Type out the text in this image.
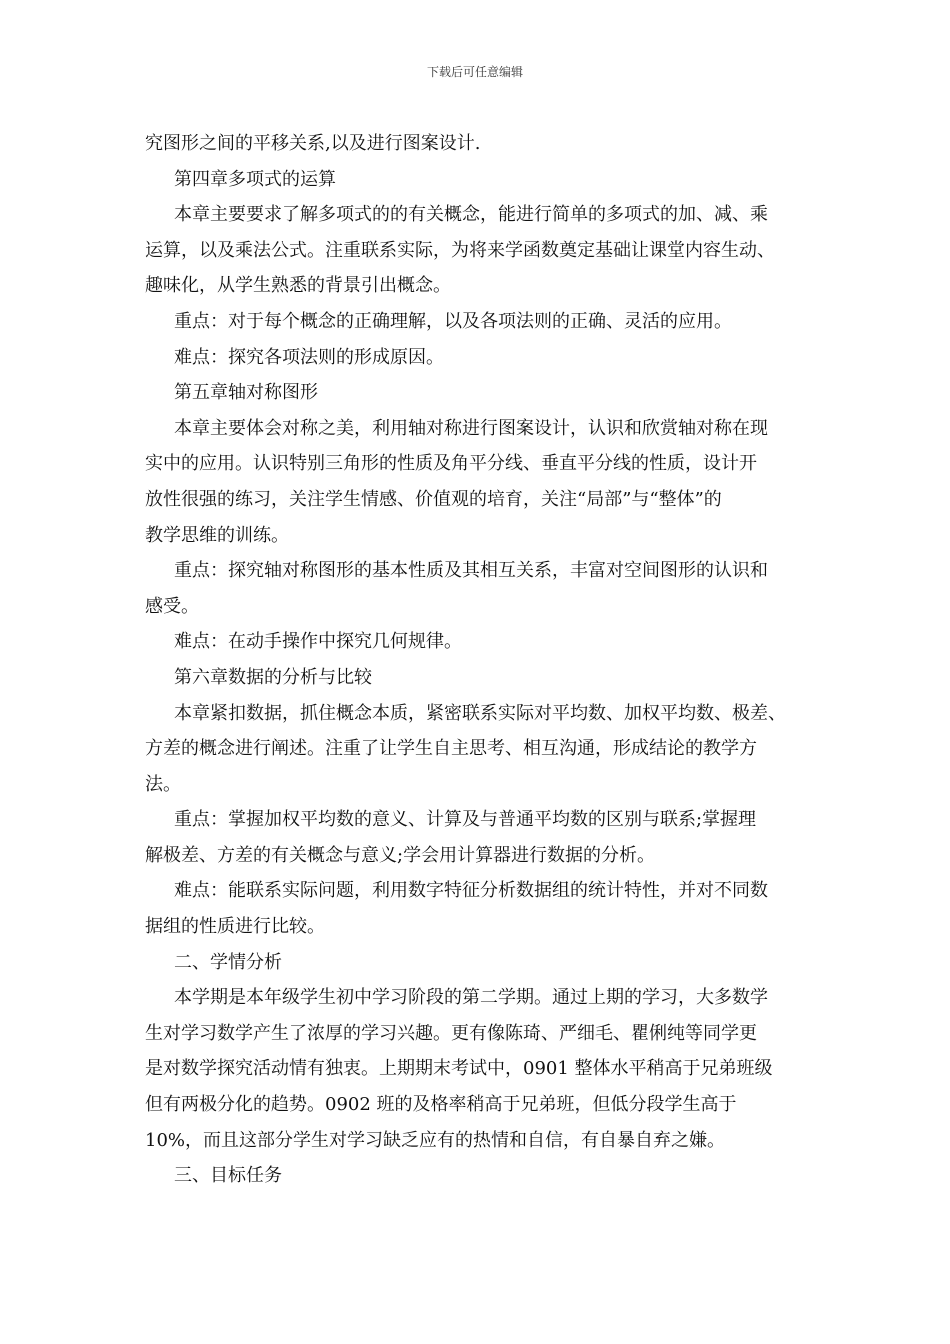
下载后可任意编辑
究图形之间的平移关系,以及进行图案设计.
第四章多项式的运算
本章主要要求了解多项式的的有关概念，能进行简单的多项式的加、减、乘
运算，以及乘法公式。注重联系实际，为将来学函数奠定基础让课堂内容生动、
趣味化，从学生熟悉的背景引出概念。
重点：对于每个概念的正确理解，以及各项法则的正确、灵活的应用。
难点：探究各项法则的形成原因。
第五章轴对称图形
本章主要体会对称之美，利用轴对称进行图案设计，认识和欣赏轴对称在现
实中的应用。认识特别三角形的性质及角平分线、垂直平分线的性质，设计开
放性很强的练习，关注学生情感、价值观的培育，关注“局部”与“整体”的
教学思维的训练。
重点：探究轴对称图形的基本性质及其相互关系，丰富对空间图形的认识和
感受。
难点：在动手操作中探究几何规律。
第六章数据的分析与比较
本章紧扣数据，抓住概念本质，紧密联系实际对平均数、加权平均数、极差、
方差的概念进行阐述。注重了让学生自主思考、相互沟通，形成结论的教学方
法。
重点：掌握加权平均数的意义、计算及与普通平均数的区别与联系;掌握理
解极差、方差的有关概念与意义;学会用计算器进行数据的分析。
难点：能联系实际问题，利用数字特征分析数据组的统计特性，并对不同数
据组的性质进行比较。
二、学情分析
本学期是本年级学生初中学习阶段的第二学期。通过上期的学习，大多数学
生对学习数学产生了浓厚的学习兴趣。更有像陈琦、严细毛、瞿俐纯等同学更
是对数学探究活动情有独衷。上期期末考试中，0901 整体水平稍高于兄弟班级
但有两极分化的趋势。0902 班的及格率稍高于兄弟班，但低分段学生高于
10%，而且这部分学生对学习缺乏应有的热情和自信，有自暴自弃之嫌。
三、目标任务
